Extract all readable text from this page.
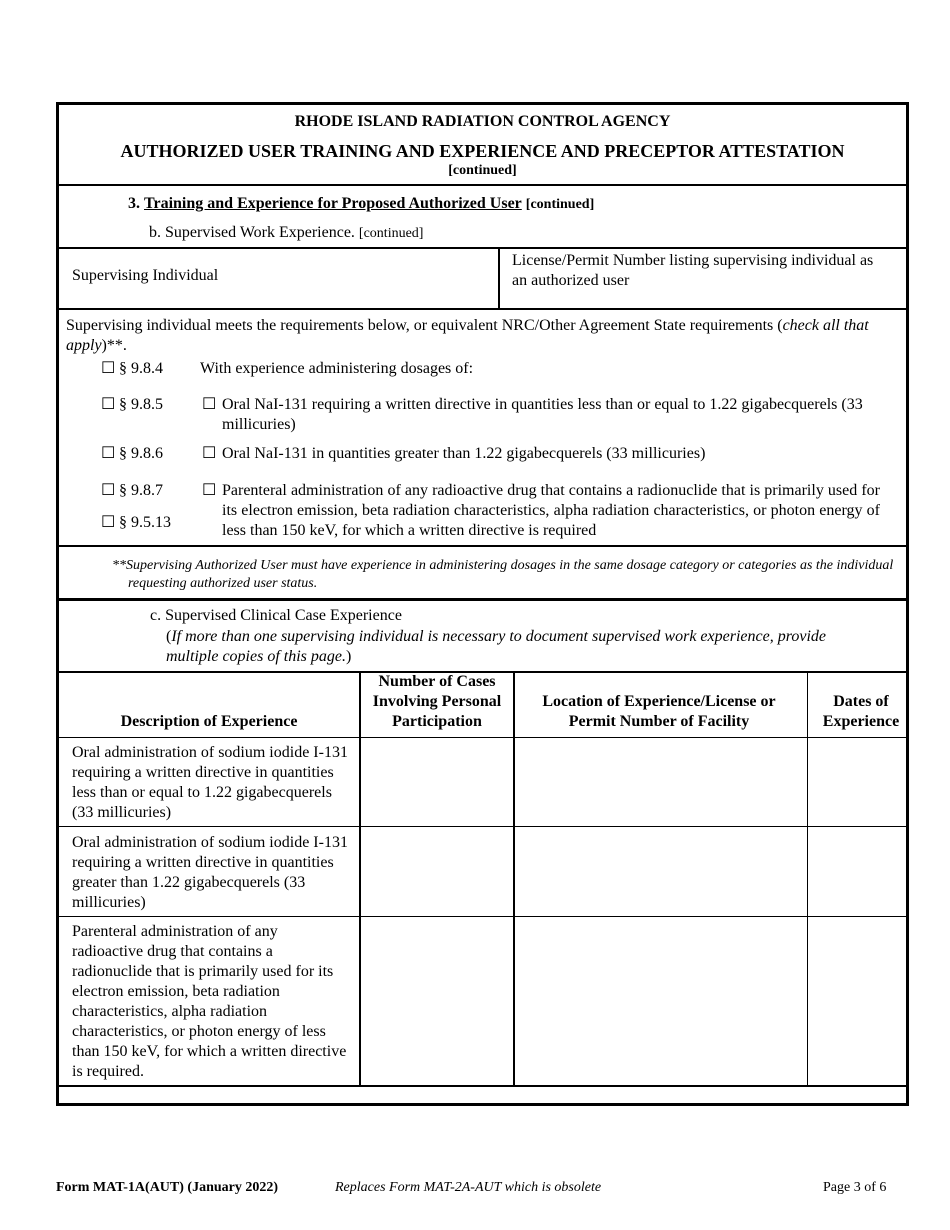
RHODE ISLAND RADIATION CONTROL AGENCY
AUTHORIZED USER TRAINING AND EXPERIENCE AND PRECEPTOR ATTESTATION
[continued]
3. Training and Experience for Proposed Authorized User [continued]
b. Supervised Work Experience. [continued]
Supervising Individual
License/Permit Number listing supervising individual as an authorized user
Supervising individual meets the requirements below, or equivalent NRC/Other Agreement State requirements (check all that apply)**.
☐ § 9.8.4 With experience administering dosages of:
☐ § 9.8.5 ☐ Oral NaI-131 requiring a written directive in quantities less than or equal to 1.22 gigabecquerels (33 millicuries)
☐ § 9.8.6 ☐ Oral NaI-131 in quantities greater than 1.22 gigabecquerels (33 millicuries)
☐ § 9.8.7 ☐ Parenteral administration of any radioactive drug that contains a radionuclide that is primarily used for its electron emission, beta radiation characteristics, alpha radiation characteristics, or photon energy of less than 150 keV, for which a written directive is required
☐ § 9.5.13
**Supervising Authorized User must have experience in administering dosages in the same dosage category or categories as the individual requesting authorized user status.
c. Supervised Clinical Case Experience
(If more than one supervising individual is necessary to document supervised work experience, provide multiple copies of this page.)
Description of Experience
Number of Cases Involving Personal Participation
Location of Experience/License or Permit Number of Facility
Dates of Experience
Oral administration of sodium iodide I-131 requiring a written directive in quantities less than or equal to 1.22 gigabecquerels (33 millicuries)
Oral administration of sodium iodide I-131 requiring a written directive in quantities greater than 1.22 gigabecquerels (33 millicuries)
Parenteral administration of any radioactive drug that contains a radionuclide that is primarily used for its electron emission, beta radiation characteristics, alpha radiation characteristics, or photon energy of less than 150 keV, for which a written directive is required.
Form MAT-1A(AUT) (January 2022)	Replaces Form MAT-2A-AUT which is obsolete	Page 3 of 6
